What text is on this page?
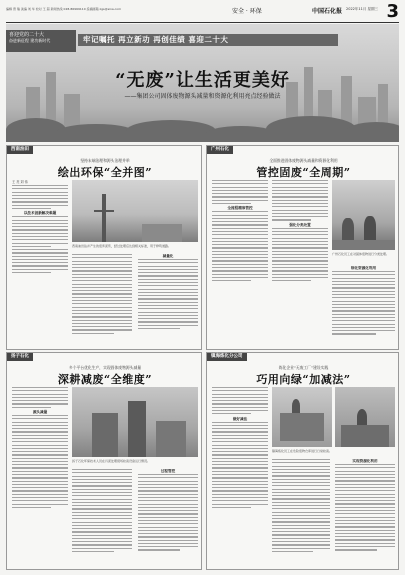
编辑 曾 瑞 美编 刘 华 校对 王 超 新闻热线 028-86969110 投稿邮箱 zgs@sina.com	安全 · 环保	中国石化报 2022年11月 星期三 3
喜迎党的二十大
奋进新征程 建功新时代	牢记嘱托 再立新功 再创佳绩 喜迎二十大
“无废”让生活更美好
——集团公司固体废物源头减量和资源化利用亮点经验做法
西南油田
坚持末端治理和源头治理并举
绘出环保“全并图”
王 亮 刘 伟
以技术创新解决难题
西南油田钻井产生的废弃泥浆，经过处理后达到相关标准，用于修筑道路。
减量化
广州石化
全面推进固体废物源头减量和资源化利用
管控固废“全周期”
全流程精准管控
强化分类处置
广州石化员工在对固体废物进行分类处理。
细化资源化利用
扬子石化
多个平台优化生产，实现固体废物源头减量
深耕减废“全维度”
源头减量
扬子石化环保技术人员在污泥处理现场检查设备运行情况。
过程管控
镇海炼化分公司
炼化企业“无废工厂”建设实践
巧用向绿“加减法”
做好减法
镇海炼化员工在危险废物仓库进行日常检查。
实现资源化利用
